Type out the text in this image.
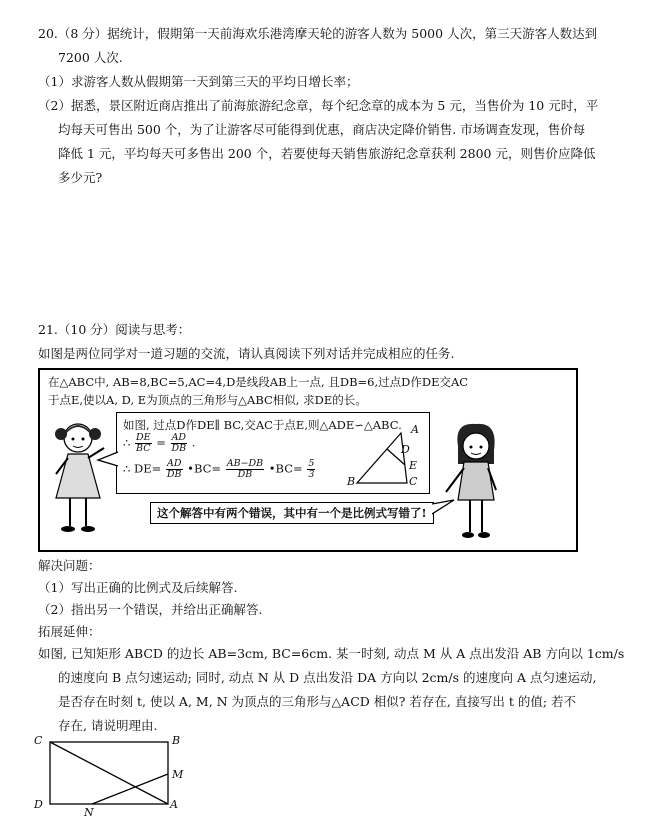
20.（8 分）据统计，假期第一天前海欢乐港湾摩天轮的游客人数为 5000 人次，第三天游客人数达到
7200 人次.
（1）求游客人数从假期第一天到第三天的平均日增长率；
（2）据悉，景区附近商店推出了前海旅游纪念章，每个纪念章的成本为 5 元，当售价为 10 元时，平
均每天可售出 500 个，为了让游客尽可能得到优惠，商店决定降价销售. 市场调查发现，售价每
降低 1 元，平均每天可多售出 200 个，若要使每天销售旅游纪念章获利 2800 元，则售价应降低
多少元?
21.（10 分）阅读与思考：
如图是两位同学对一道习题的交流，请认真阅读下列对话并完成相应的任务.
在△ABC中, AB=8,BC=5,AC=4,D是线段AB上一点, 且DB=6,过点D作DE交AC
于点E,使以A, D, E为顶点的三角形与△ABC相似, 求DE的长。
如图, 过点D作DE∥ BC,交AC于点E,则△ADE∽△ABC.
∴ $\frac{DE}{BC} = \frac{AD}{DB}$ .
∴ $DE= \frac{AD}{DB}$ •BC= $\frac{AB-DB}{DB}$ •BC= $\frac{5}{3}$
A
D
E
B	C
这个解答中有两个错误，其中有一个是比例式写错了!
解决问题：
（1）写出正确的比例式及后续解答.
（2）指出另一个错误，并给出正确解答.
拓展延伸：
如图, 已知矩形 ABCD 的边长 AB=3cm, BC=6cm. 某一时刻, 动点 M 从 A 点出发沿 AB 方向以 1cm/s
的速度向 B 点匀速运动; 同时, 动点 N 从 D 点出发沿 DA 方向以 2cm/s 的速度向 A 点匀速运动,
是否存在时刻 t, 使以 A, M, N 为顶点的三角形与△ACD 相似? 若存在, 直接写出 t 的值; 若不
存在, 请说明理由.
C	B
M
D
N
A
